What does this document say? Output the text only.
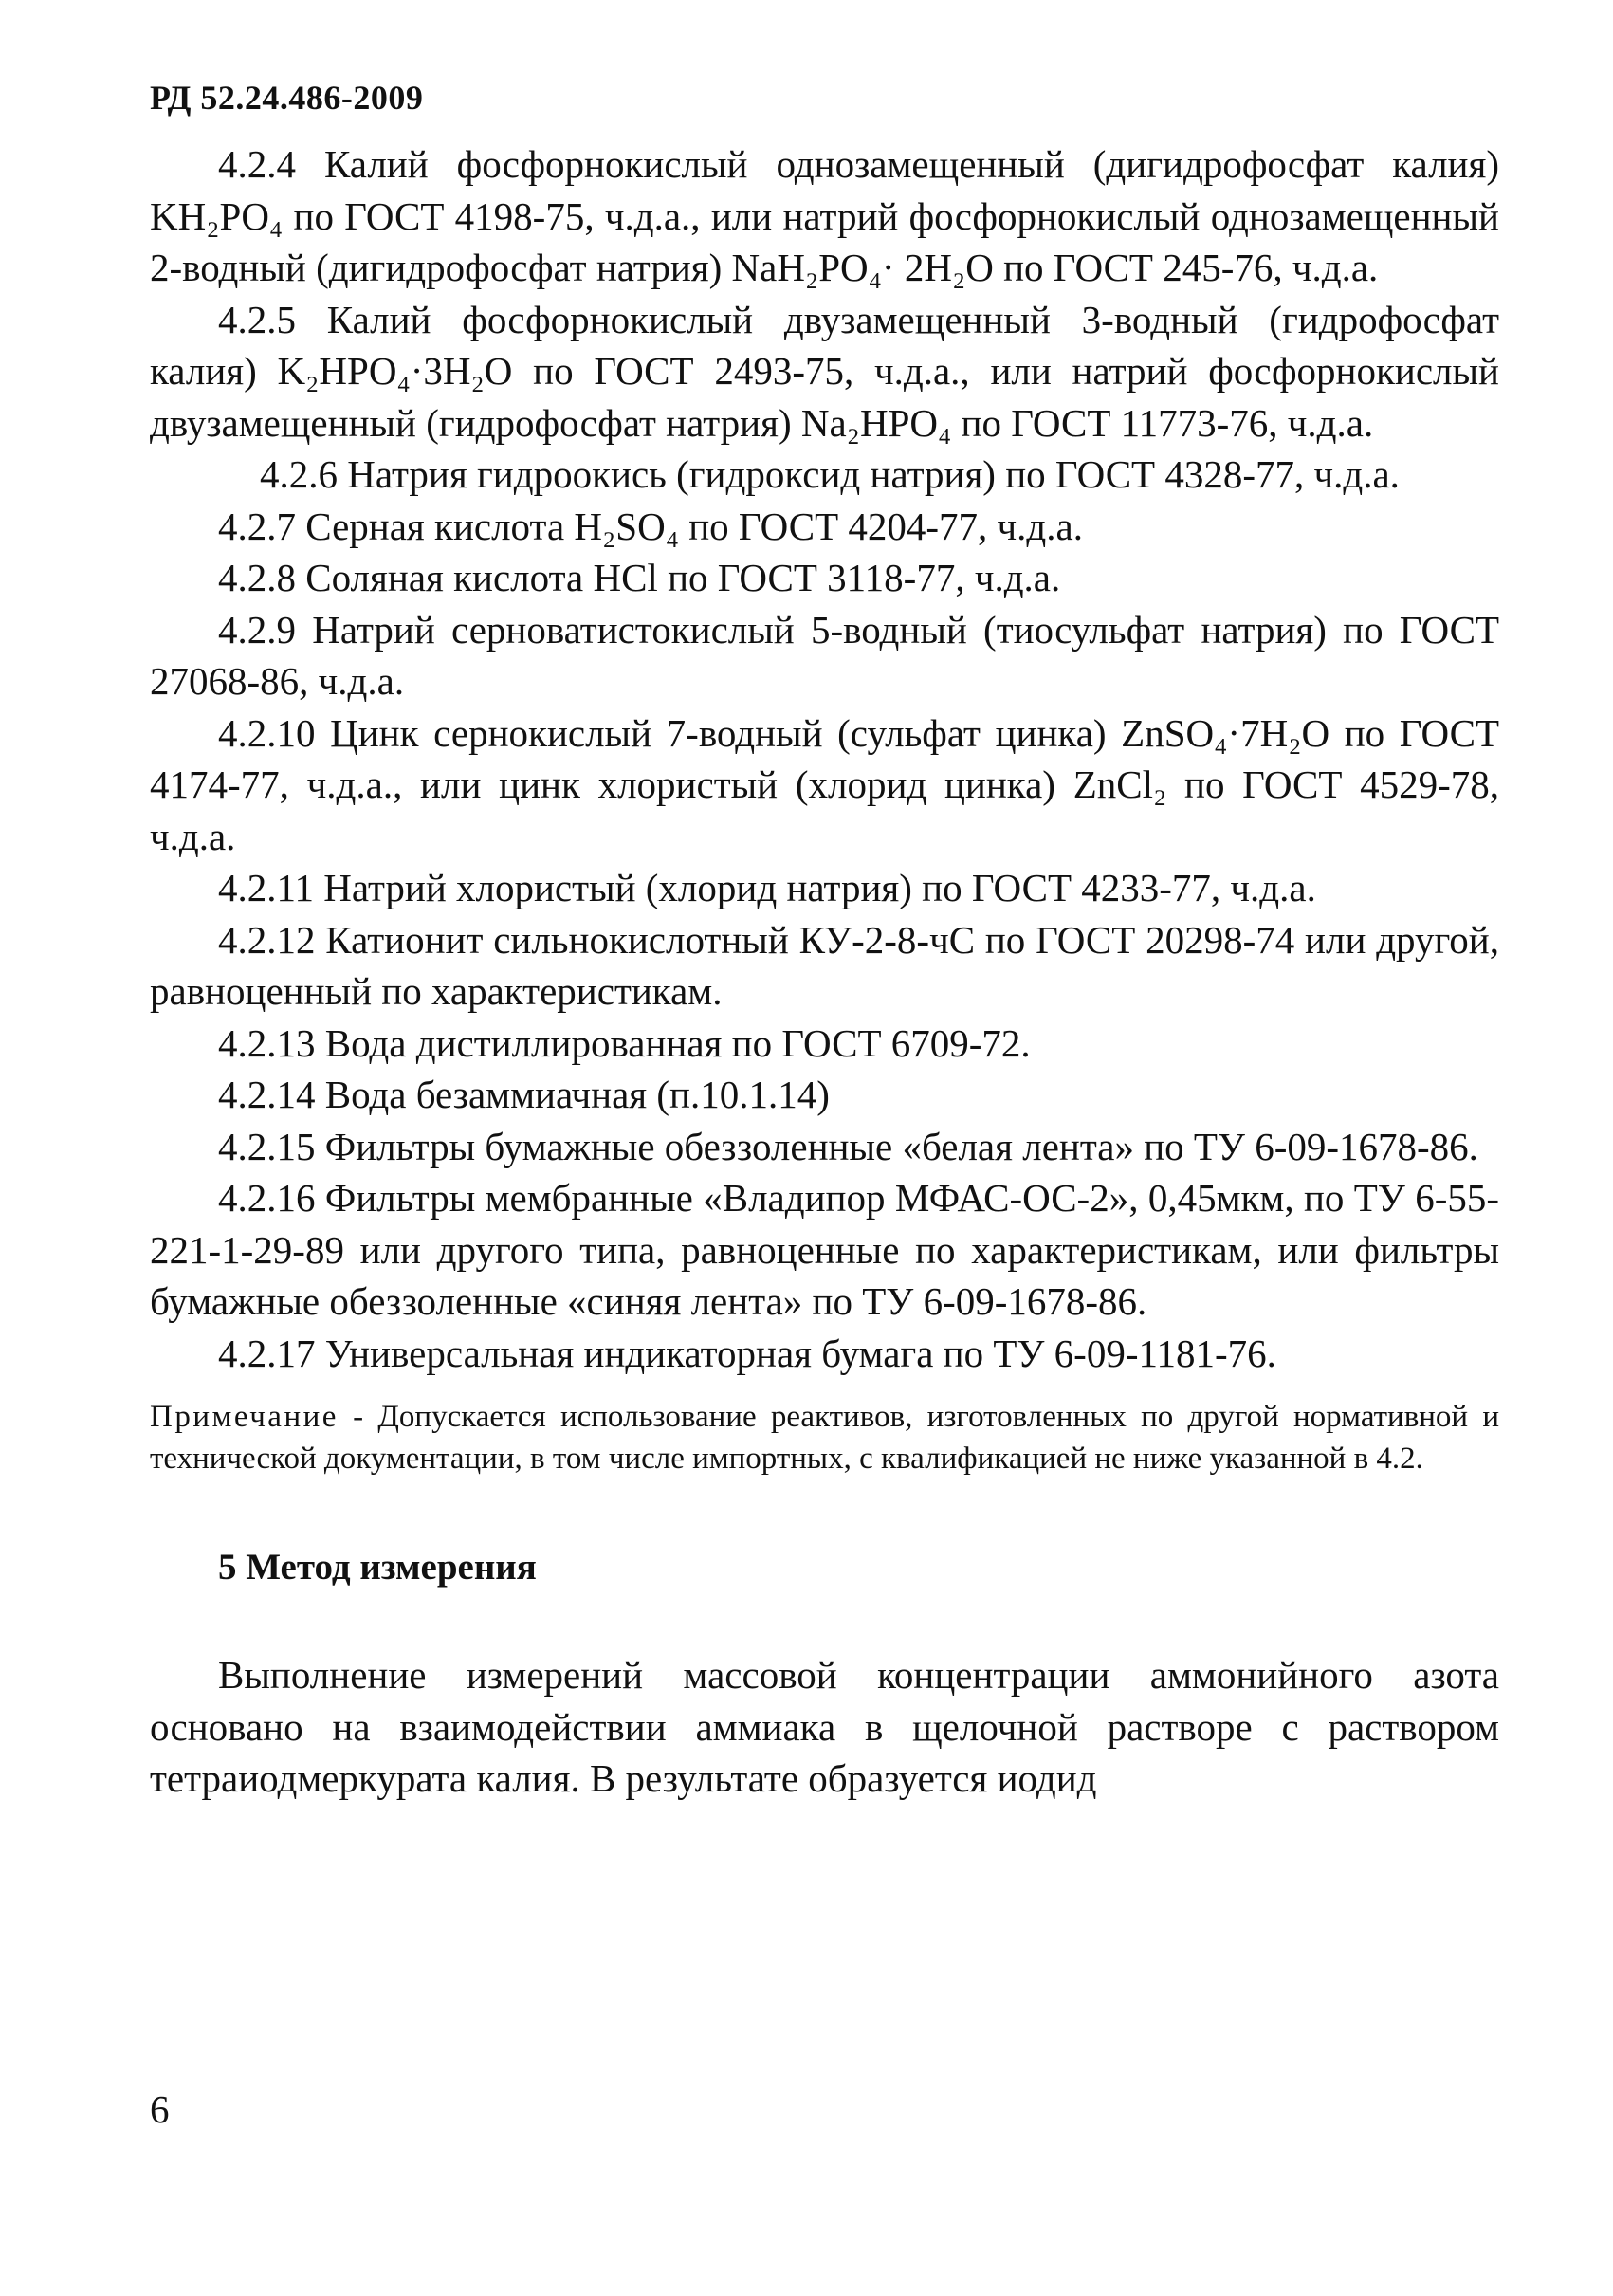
РД 52.24.486-2009

4.2.4 Калий фосфорнокислый однозамещенный (дигидрофосфат калия) KH₂PO₄ по ГОСТ 4198-75, ч.д.а., или натрий фосфорнокислый однозамещенный 2-водный (дигидрофосфат натрия) NaH₂PO₄· 2H₂O по ГОСТ 245-76, ч.д.а.

4.2.5 Калий фосфорнокислый двузамещенный 3-водный (гидрофосфат калия) K₂HPO₄·3H₂O по ГОСТ 2493-75, ч.д.а., или натрий фосфорнокислый двузамещенный (гидрофосфат натрия) Na₂HPO₄ по ГОСТ 11773-76, ч.д.а.

4.2.6 Натрия гидроокись (гидроксид натрия) по ГОСТ 4328-77, ч.д.а.

4.2.7 Серная кислота H₂SO₄ по ГОСТ 4204-77, ч.д.а.

4.2.8 Соляная кислота HCl по ГОСТ 3118-77, ч.д.а.

4.2.9 Натрий серноватистокислый 5-водный (тиосульфат натрия) по ГОСТ 27068-86, ч.д.а.

4.2.10 Цинк сернокислый 7-водный (сульфат цинка) ZnSO₄·7H₂O по ГОСТ 4174-77, ч.д.а., или цинк хлористый (хлорид цинка) ZnCl₂ по ГОСТ 4529-78, ч.д.а.

4.2.11 Натрий хлористый (хлорид натрия) по ГОСТ 4233-77, ч.д.а.

4.2.12 Катионит сильнокислотный КУ-2-8-чС по ГОСТ 20298-74 или другой, равноценный по характеристикам.

4.2.13 Вода дистиллированная по ГОСТ 6709-72.

4.2.14 Вода безаммиачная (п.10.1.14)

4.2.15 Фильтры бумажные обеззоленные «белая лента» по ТУ 6-09-1678-86.

4.2.16 Фильтры мембранные «Владипор МФАС-ОС-2», 0,45мкм, по ТУ 6-55-221-1-29-89 или другого типа, равноценные по характеристикам, или фильтры бумажные обеззоленные «синяя лента» по ТУ 6-09-1678-86.

4.2.17 Универсальная индикаторная бумага по ТУ 6-09-1181-76.

Примечание - Допускается использование реактивов, изготовленных по другой нормативной и технической документации, в том числе импортных, с квалификацией не ниже указанной в 4.2.
5 Метод измерения

Выполнение измерений массовой концентрации аммонийного азота основано на взаимодействии аммиака в щелочной растворе с раствором тетраиодмеркурата калия. В результате образуется иодид

6
